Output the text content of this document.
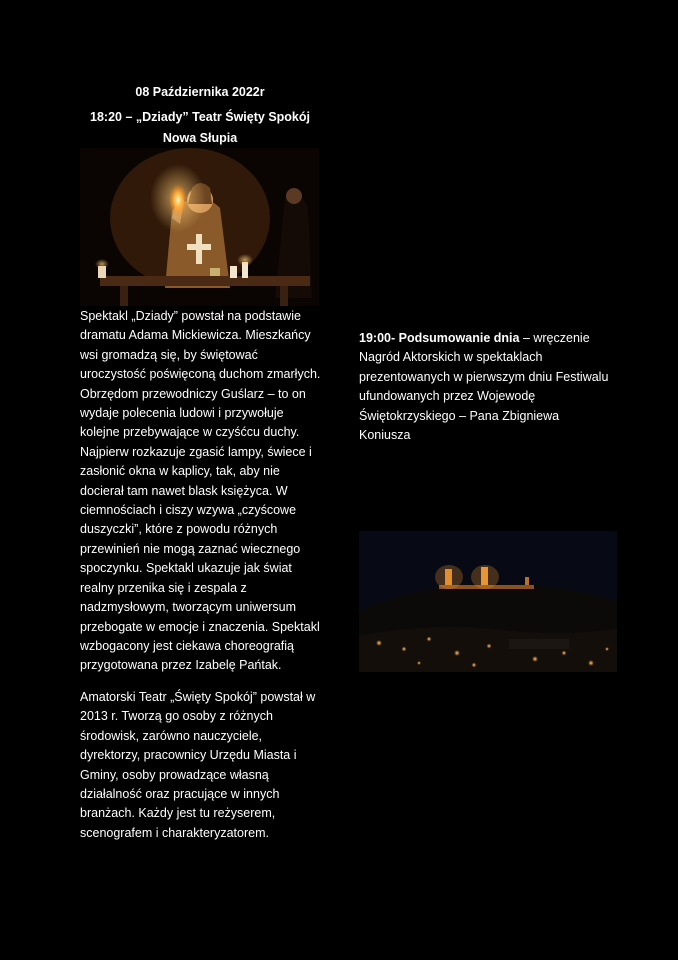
08 Października 2022r
18:20 – „Dziady” Teatr Święty Spokój
Nowa Słupia

Spektakl „Dziady” powstał na podstawie dramatu Adama Mickiewicza. Mieszkańcy wsi gromadzą się, by świętować uroczystość poświęconą duchom zmarłych. Obrzędom przewodniczy Guślarz – to on wydaje polecenia ludowi i przywołuje kolejne przebywające w czyśćcu duchy. Najpierw rozkazuje zgasić lampy, świece i zasłonić okna w kaplicy, tak, aby nie docierał tam nawet blask księżyca. W ciemnościach i ciszy wzywa „czyścowe duszyczki”, które z powodu różnych przewinień nie mogą zaznać wiecznego spoczynku. Spektakl ukazuje jak świat realny przenika się i zespala z nadzmysłowym, tworzącym uniwersum przebogate w emocje i znaczenia. Spektakl wzbogacony jest ciekawa choreografią przygotowana przez Izabelę Pańtak.

Amatorski Teatr „Święty Spokój” powstał w 2013 r. Tworzą go osoby z różnych środowisk, zarówno nauczyciele, dyrektorzy, pracownicy Urzędu Miasta i Gminy, osoby prowadzące własną działalność oraz pracujące w innych branżach. Każdy jest tu reżyserem, scenografem i charakteryzatorem.

19:00- Podsumowanie dnia – wręczenie Nagród Aktorskich w spektaklach prezentowanych w pierwszym dniu Festiwalu ufundowanych przez Wojewodę Świętokrzyskiego – Pana Zbigniewa Koniusza
